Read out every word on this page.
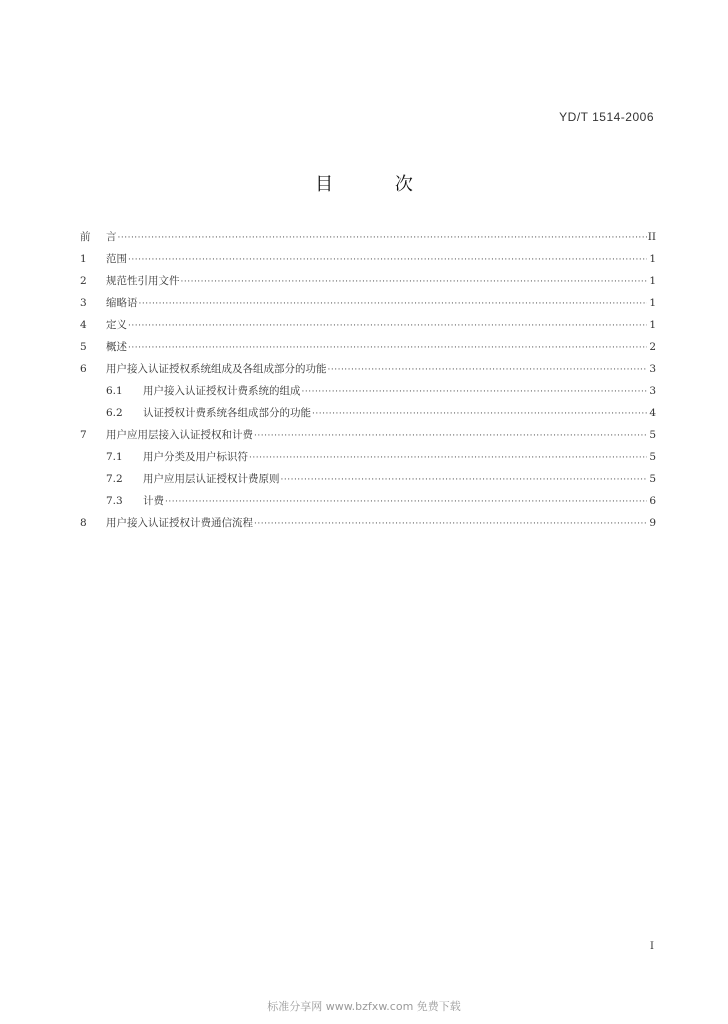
YD/T 1514-2006
目 次
前	言 ·····	II
1	范围 ·····	1
2	规范性引用文件 ·····	1
3	缩略语 ·····	1
4	定义 ·····	1
5	概述 ·····	2
6	用户接入认证授权系统组成及各组成部分的功能 ·····	3
6.1	用户接入认证授权计费系统的组成 ·····	3
6.2	认证授权计费系统各组成部分的功能 ·····	4
7	用户应用层接入认证授权和计费 ·····	5
7.1	用户分类及用户标识符 ·····	5
7.2	用户应用层认证授权计费原则 ·····	5
7.3	计费 ·····	6
8	用户接入认证授权计费通信流程 ·····	9
I
标准分享网 www.bzfxw.com 免费下载
